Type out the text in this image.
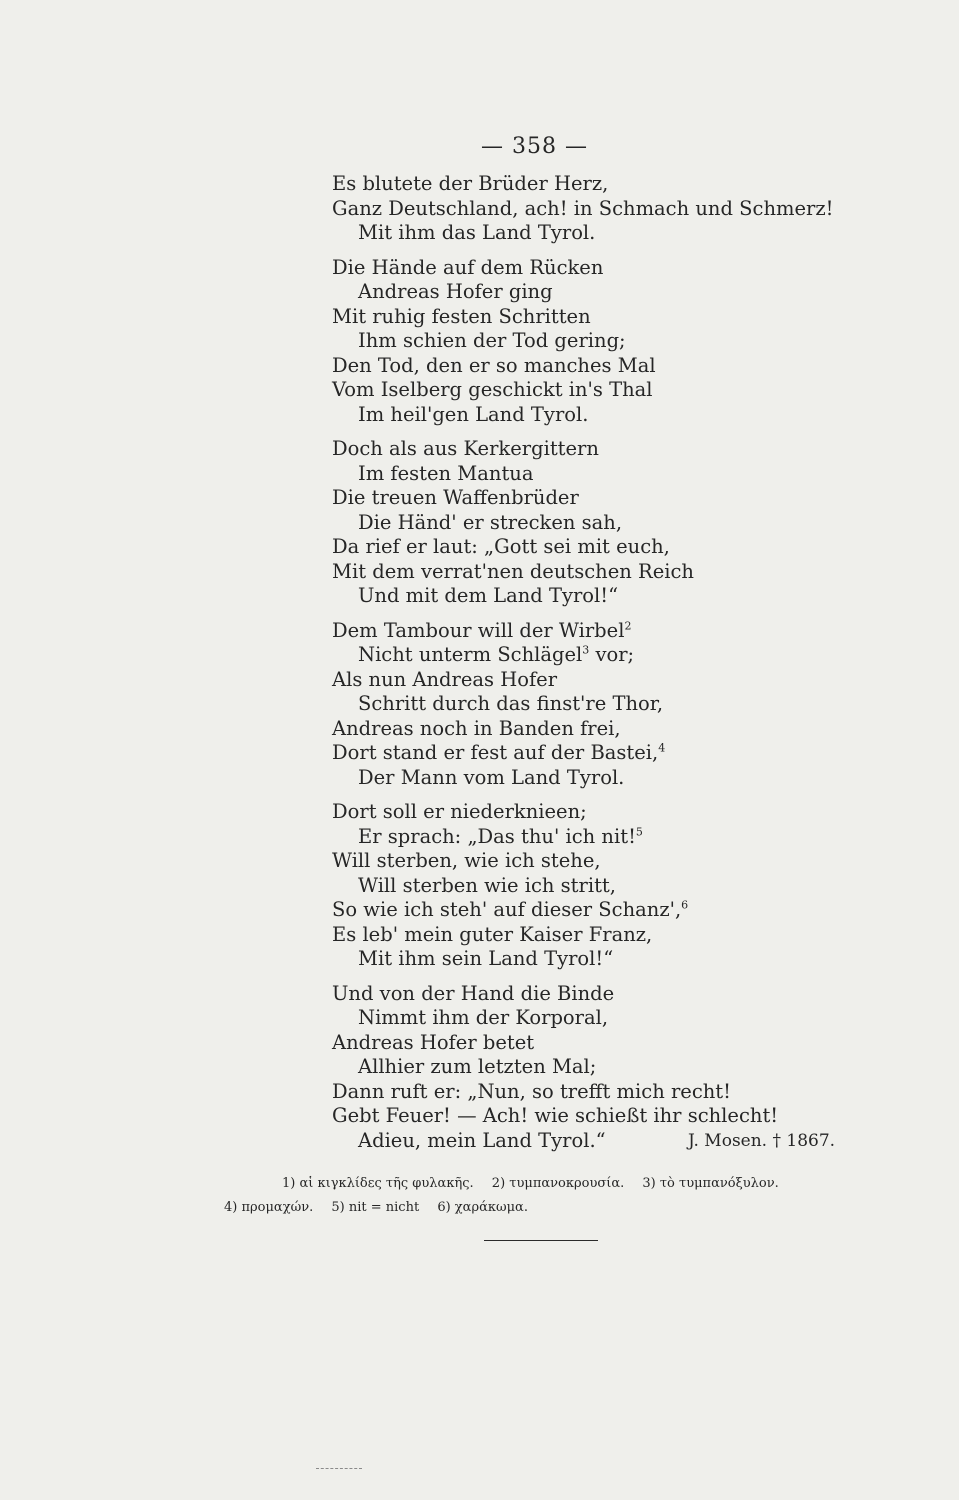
— 358 —
Es blutete der Brüder Herz,
Ganz Deutschland, ach! in Schmach und Schmerz!
Mit ihm das Land Tyrol.
Die Hände auf dem Rücken
Andreas Hofer ging
Mit ruhig festen Schritten
Ihm schien der Tod gering;
Den Tod, den er so manches Mal
Vom Iselberg geschickt in's Thal
Im heil'gen Land Tyrol.
Doch als aus Kerkergittern
Im festen Mantua
Die treuen Waffenbrüder
Die Händ' er strecken sah,
Da rief er laut: „Gott sei mit euch,
Mit dem verrat'nen deutschen Reich
Und mit dem Land Tyrol!“
Dem Tambour will der Wirbel$^2$
Nicht unterm Schlägel$^3$ vor;
Als nun Andreas Hofer
Schritt durch das finst're Thor,
Andreas noch in Banden frei,
Dort stand er fest auf der Bastei,$^4$
Der Mann vom Land Tyrol.
Dort soll er niederknieen;
Er sprach: „Das thu' ich nit!$^5$
Will sterben, wie ich stehe,
Will sterben wie ich stritt,
So wie ich steh' auf dieser Schanz',$^6$
Es leb' mein guter Kaiser Franz,
Mit ihm sein Land Tyrol!“
Und von der Hand die Binde
Nimmt ihm der Korporal,
Andreas Hofer betet
Allhier zum letzten Mal;
Dann ruft er: „Nun, so trefft mich recht!
Gebt Feuer! — Ach! wie schießt ihr schlecht!
Adieu, mein Land Tyrol.“	J. Mosen. † 1867.
1) αἱ κιγκλίδες τῆς φυλακῆς. 2) τυμπανοκρουσία. 3) τὸ τυμπανόξυλον.
4) προμαχών. 5) nit = nicht 6) χαράκωμα.
